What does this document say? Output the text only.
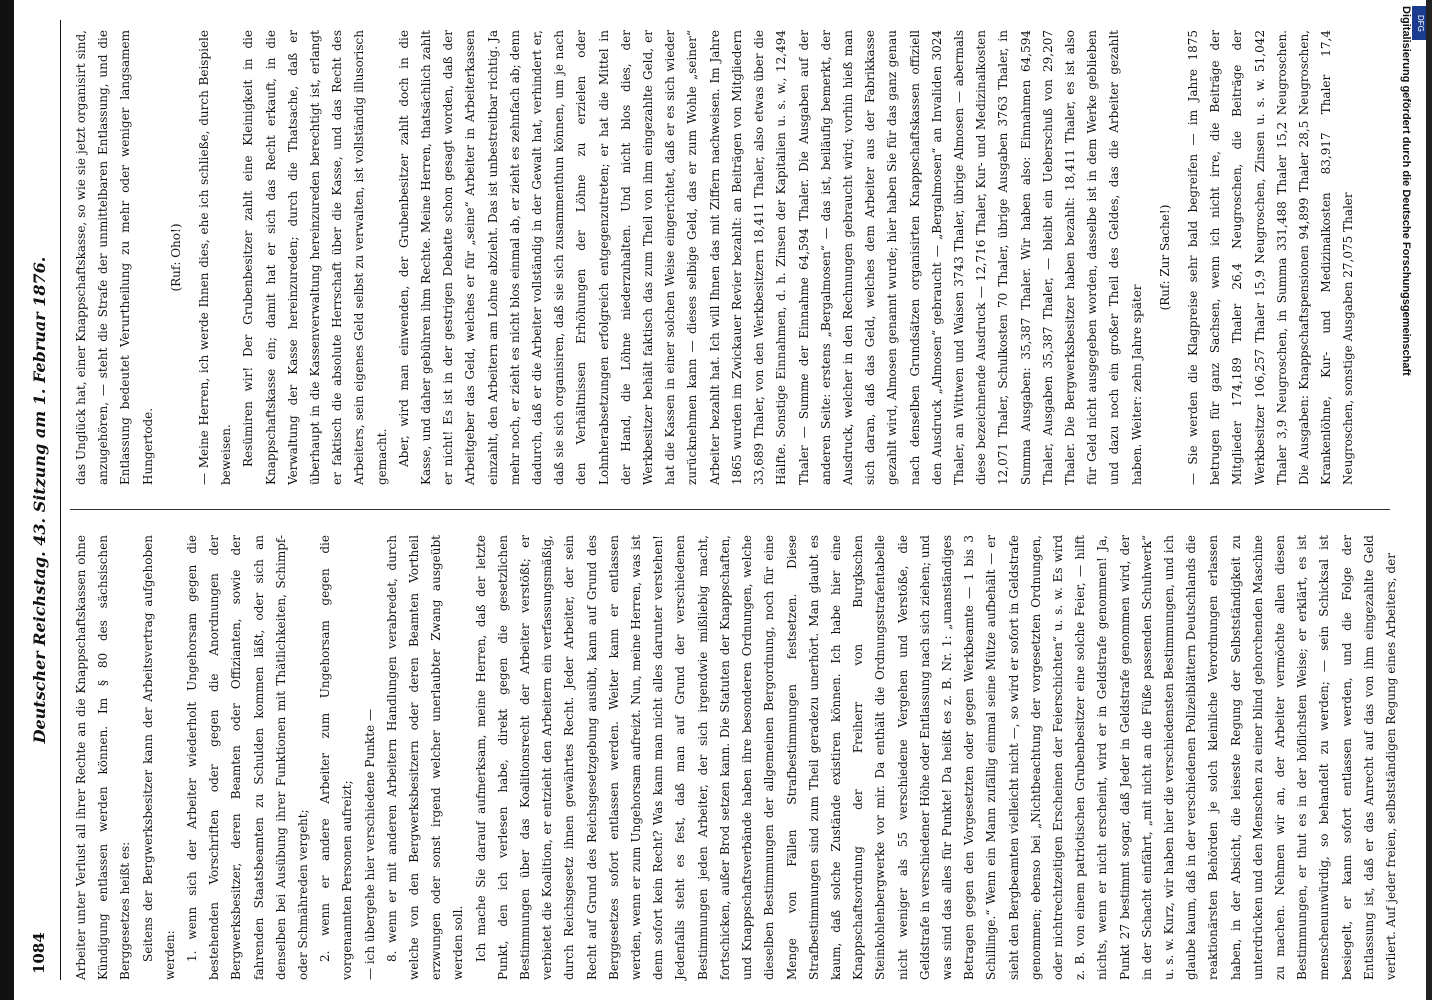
1084
Deutscher Reichstag. 43. Sitzung am 1. Februar 1876.

Arbeiter unter Verlust all ihrer Rechte an die Knappschaftskassen ohne Kündigung entlassen werden können. Im § 80 des sächsischen Berggesetzes heißt es: Seitens der Bergwerksbesitzer kann der Arbeitsvertrag aufgehoben werden: 1. wenn sich der Arbeiter wiederholt Ungehorsam gegen die bestehenden Vorschriften oder gegen die Anordnungen der Bergwerksbesitzer, deren Beamten oder Offizianten, sowie der fahrenden Staatsbeamten zu Schulden kommen läßt, oder sich an denselben bei Ausübung ihrer Funktionen mit Thätlichkeiten, Schimpf- oder Schmähreden vergeht; 2. wenn er andere Arbeiter zum Ungehorsam gegen die vorgenannten Personen aufreizt; — ich übergehe hier verschiedene Punkte — 8. wenn er mit anderen Arbeitern Handlungen verabredet, durch welche von den Bergwerksbesitzern oder deren Beamten Vortheil erzwungen oder sonst irgend welcher unerlaubter Zwang ausgeübt werden soll. Ich mache Sie darauf aufmerksam, meine Herren, daß der letzte Punkt, den ich verlesen habe, direkt gegen die gesetzlichen Bestimmungen über das Koalitionsrecht der Arbeiter verstößt; er verbietet die Koalition, er entzieht den Arbeitern ein verfassungsmäßig, durch Reichsgesetz ihnen gewährtes Recht. Jeder Arbeiter, der sein Recht auf Grund des Reichsgesetzgebung ausübt, kann auf Grund des Berggesetzes sofort entlassen werden. Weiter kann er entlassen werden, wenn er zum Ungehorsam aufreizt. Nun, meine Herren, was ist denn sofort kein Recht? Was kann man nicht alles darunter verstehen! Jedenfalls steht es fest, daß man auf Grund der verschiedenen Bestimmungen jeden Arbeiter, der sich irgendwie mißliebig macht, fortschicken, außer Brod setzen kann. Die Statuten der Knappschaften, und Knappschaftsverbände haben ihre besonderen Ordnungen, welche dieselben Bestimmungen der allgemeinen Bergordnung, noch für eine Menge von Fällen Strafbestimmungen festsetzen. Diese Strafbestimmungen sind zum Theil geradezu unerhört. Man glaubt es kaum, daß solche Zustände existiren können. Ich habe hier eine Knappschaftsordnung der Freiherr von Burgkschen Steinkohlenbergwerke vor mir. Da enthält die Ordnungsstrafentabelle nicht weniger als 55 verschiedene Vergehen und Verstöße, die Geldstrafe in verschiedener Höhe oder Entlassung nach sich ziehen; und was sind das alles für Punkte! Da heißt es z. B. Nr. 1: „unanständiges Betragen gegen den Vorgesetzten oder gegen Werkbeamte — 1 bis 3 Schillinge.“ Wenn ein Mann zufällig einmal seine Mütze aufbehält — er sieht den Bergbeamten vielleicht nicht —, so wird er sofort in Geldstrafe genommen; ebenso bei „Nichtbeachtung der vorgesetzten Ordnungen, oder nichtrechtzeitigen Erscheinen der Feierschichten“ u. s. w. Es wird z. B. von einem patriotischen Grubenbesitzer eine solche Feier, — hilft nichts, wenn er nicht erscheint, wird er in Geldstrafe genommen! Ja, Punkt 27 bestimmt sogar, daß Jeder in Geldstrafe genommen wird, der in der Schacht einfährt, „mit nicht an die Füße passenden Schuhwerk“ u. s. w. Kurz, wir haben hier die verschiedensten Bestimmungen, und ich glaube kaum, daß in der verschiedenen Polizeiblättern Deutschlands die reaktionärsten Behörden je solch kleinliche Verordnungen erlassen haben, in der Absicht, die leiseste Regung der Selbstständigkeit zu unterdrücken und den Menschen zu einer blind gehorchenden Maschine zu machen. Nehmen wir an, der Arbeiter vermöchte allen diesen Bestimmungen, er thut es in der höflichsten Weise; er erklärt, es ist menschenunwürdig, so behandelt zu werden; — sein Schicksal ist besiegelt, er kann sofort entlassen werden, und die Folge der Entlassung ist, daß er das Anrecht auf das von ihm eingezahlte Geld verliert. Auf jeder freien, selbstständigen Regung eines Arbeiters, der

das Unglück hat, einer Knappschaftskasse, so wie sie jetzt organisirt sind, anzugehören, — steht die Strafe der unmittelbaren Entlassung, und die Entlassung bedeutet Verurtheilung zu mehr oder weniger langsamem Hungertode.

(Ruf: Oho!)	— Meine Herren, ich werde Ihnen dies, ehe ich schließe, durch Beispiele beweisen. Resümiren wir! Der Grubenbesitzer zahlt eine Kleinigkeit in die Knappschaftskasse ein; damit hat er sich das Recht erkauft, in die Verwaltung der Kasse hereinzureden; durch die Thatsache, daß er überhaupt in die Kassenverwaltung hereinzureden berechtigt ist, erlangt er faktisch die absolute Herrschaft über die Kasse, und das Recht des Arbeiters, sein eigenes Geld selbst zu verwalten, ist vollständig illusorisch gemacht. Aber, wird man einwenden, der Grubenbesitzer zahlt doch in die Kasse, und daher gebühren ihm Rechte. Meine Herren, thatsächlich zahlt er nicht! Es ist in der gestrigen Debatte schon gesagt worden, daß der Arbeitgeber das Geld, welches er für „seine“ Arbeiter in Arbeiterkassen einzahlt, den Arbeitern am Lohne abzieht. Das ist unbestreitbar richtig. Ja mehr noch, er zieht es nicht blos einmal ab, er zieht es zehnfach ab; denn dadurch, daß er die Arbeiter vollständig in der Gewalt hat, verhindert er, daß sie sich organisiren, daß sie sich zusammenthun können, um je nach den Verhältnissen Erhöhungen der Löhne zu erzielen oder Lohnherabsetzungen erfolgreich entgegenzutreten; er hat die Mittel in der Hand, die Löhne niederzuhalten. Und nicht blos dies, der Werkbesitzer behält faktisch das zum Theil von ihm eingezahlte Geld, er hat die Kassen in einer solchen Weise eingerichtet, daß er es sich wieder zurücknehmen kann — dieses selbige Geld, das er zum Wohle „seiner“ Arbeiter bezahlt hat. Ich will Ihnen das mit Ziffern nachweisen. Im Jahre 1865 wurden im Zwickauer Revier bezahlt: an Beiträgen von Mitgliedern 33,689 Thaler, von den Werkbesitzern 18,411 Thaler, also etwas über die Hälfte. Sonstige Einnahmen, d. h. Zinsen der Kapitalien u. s. w., 12,494 Thaler — Summe der Einnahme 64,594 Thaler. Die Ausgaben auf der anderen Seite: erstens „Bergalmosen“ — das ist, beiläufig bemerkt, der Ausdruck, welcher in den Rechnungen gebraucht wird; vorhin hieß man sich daran, daß das Geld, welches dem Arbeiter aus der Fabrikkasse gezahlt wird, Almosen genannt wurde; hier haben Sie für das ganz genau nach denselben Grundsätzen organisirten Knappschaftskassen offiziell den Ausdruck „Almosen“ gebraucht — „Bergalmosen“ an Invaliden 3024 Thaler, an Wittwen und Waisen 3743 Thaler, übrige Almosen — abermals diese bezeichnende Ausdruck — 12,716 Thaler, Kur- und Medizinalkosten 12,071 Thaler, Schulkosten 70 Thaler, übrige Ausgaben 3763 Thaler, in Summa Ausgaben: 35,387 Thaler. Wir haben also: Einnahmen 64,594 Thaler, Ausgaben 35,387 Thaler, — bleibt ein Ueberschuß von 29,207 Thaler. Die Bergwerksbesitzer haben bezahlt: 18,411 Thaler, es ist also für Geld nicht ausgegeben worden, dasselbe ist in dem Werke geblieben und dazu noch ein großer Theil des Geldes, das die Arbeiter gezahlt haben. Weiter: zehn Jahre später

(Ruf: Zur Sache!)	— Sie werden die Klagpreise sehr bald begreifen — im Jahre 1875 betrugen für ganz Sachsen, wenn ich nicht irre, die Beiträge der Mitglieder 174,189 Thaler 26,4 Neugroschen, die Beiträge der Werkbesitzer 106,257 Thaler 15,9 Neugroschen, Zinsen u. s. w. 51,042 Thaler 3,9 Neugroschen, in Summa 331,488 Thaler 15,2 Neugroschen. Die Ausgaben: Knappschaftspensionen 94,899 Thaler 28,5 Neugroschen, Krankenlöhne, Kur- und Medizinalkosten 83,917 Thaler 17,4 Neugroschen, sonstige Ausgaben 27,075 Thaler	Digitalisierung gefördert durch die Deutsche Forschungsgemeinschaft DFG
